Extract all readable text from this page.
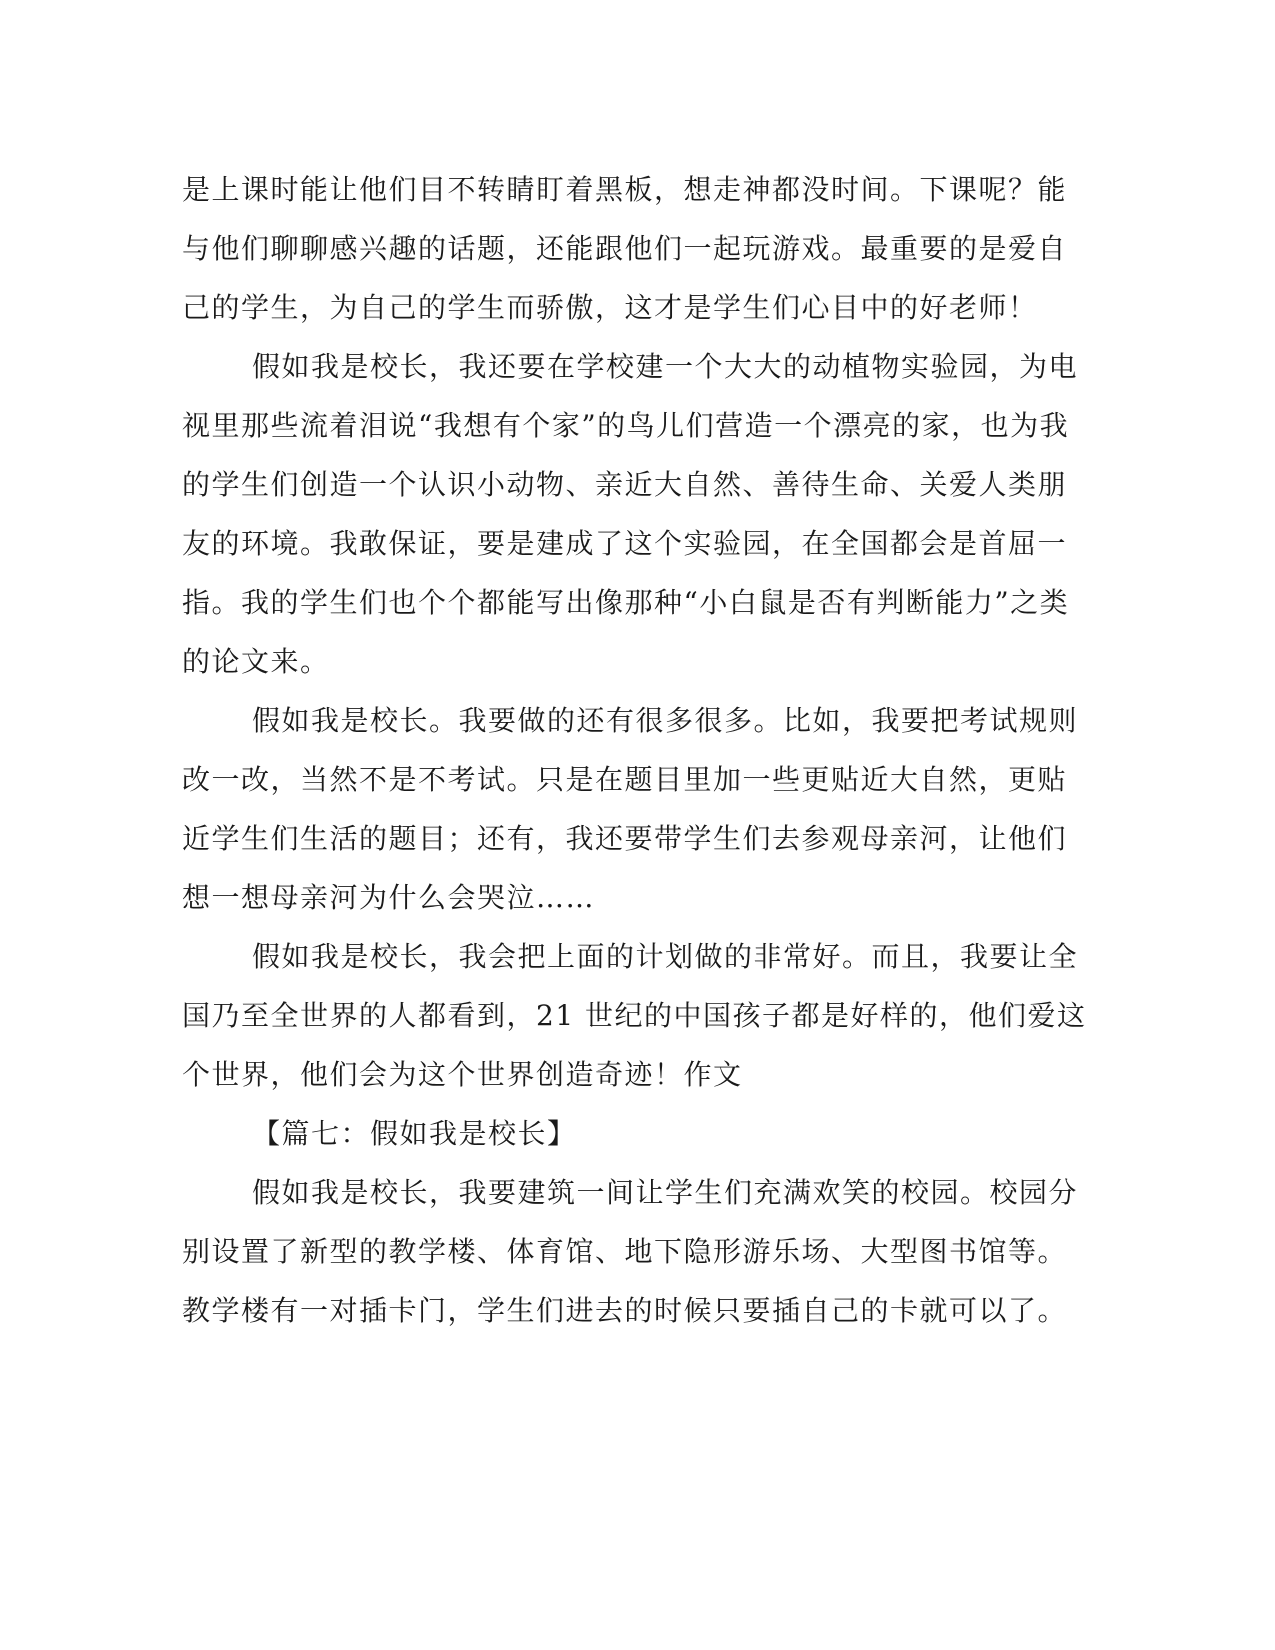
是上课时能让他们目不转睛盯着黑板，想走神都没时间。下课呢？能
与他们聊聊感兴趣的话题，还能跟他们一起玩游戏。最重要的是爱自
己的学生，为自己的学生而骄傲，这才是学生们心目中的好老师！
假如我是校长，我还要在学校建一个大大的动植物实验园，为电
视里那些流着泪说“我想有个家”的鸟儿们营造一个漂亮的家，也为我
的学生们创造一个认识小动物、亲近大自然、善待生命、关爱人类朋
友的环境。我敢保证，要是建成了这个实验园，在全国都会是首屈一
指。我的学生们也个个都能写出像那种“小白鼠是否有判断能力”之类
的论文来。
假如我是校长。我要做的还有很多很多。比如，我要把考试规则
改一改，当然不是不考试。只是在题目里加一些更贴近大自然，更贴
近学生们生活的题目；还有，我还要带学生们去参观母亲河，让他们
想一想母亲河为什么会哭泣……
假如我是校长，我会把上面的计划做的非常好。而且，我要让全
国乃至全世界的人都看到，21 世纪的中国孩子都是好样的，他们爱这
个世界，他们会为这个世界创造奇迹！作文
【篇七：假如我是校长】
假如我是校长，我要建筑一间让学生们充满欢笑的校园。校园分
别设置了新型的教学楼、体育馆、地下隐形游乐场、大型图书馆等。
教学楼有一对插卡门，学生们进去的时候只要插自己的卡就可以了。
